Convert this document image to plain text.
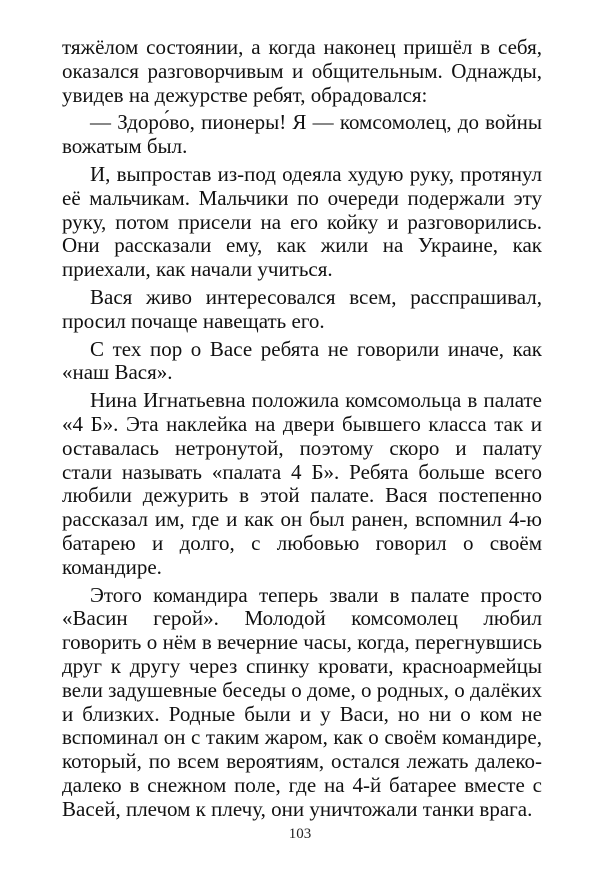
тяжёлом состоянии, а когда наконец пришёл в себя, оказался разговорчивым и общительным. Однажды, увидев на дежурстве ребят, обрадовался:

— Здоро́во, пионеры! Я — комсомолец, до войны вожатым был.

И, выпростав из-под одеяла худую руку, протянул её мальчикам. Мальчики по очереди подержали эту руку, потом присели на его койку и разговорились. Они рассказали ему, как жили на Украине, как приехали, как начали учиться.

Вася живо интересовался всем, расспрашивал, просил почаще навещать его.

С тех пор о Васе ребята не говорили иначе, как «наш Вася».

Нина Игнатьевна положила комсомольца в палате «4 Б». Эта наклейка на двери бывшего класса так и оставалась нетронутой, поэтому скоро и палату стали называть «палата 4 Б». Ребята больше всего любили дежурить в этой палате. Вася постепенно рассказал им, где и как он был ранен, вспомнил 4-ю батарею и долго, с любовью говорил о своём командире.

Этого командира теперь звали в палате просто «Васин герой». Молодой комсомолец любил говорить о нём в вечерние часы, когда, перегнувшись друг к другу через спинку кровати, красноармейцы вели задушевные беседы о доме, о родных, о далёких и близких. Родные были и у Васи, но ни о ком не вспоминал он с таким жаром, как о своём командире, который, по всем вероятиям, остался лежать далеко-далеко в снежном поле, где на 4-й батарее вместе с Васей, плечом к плечу, они уничтожали танки врага.

103
